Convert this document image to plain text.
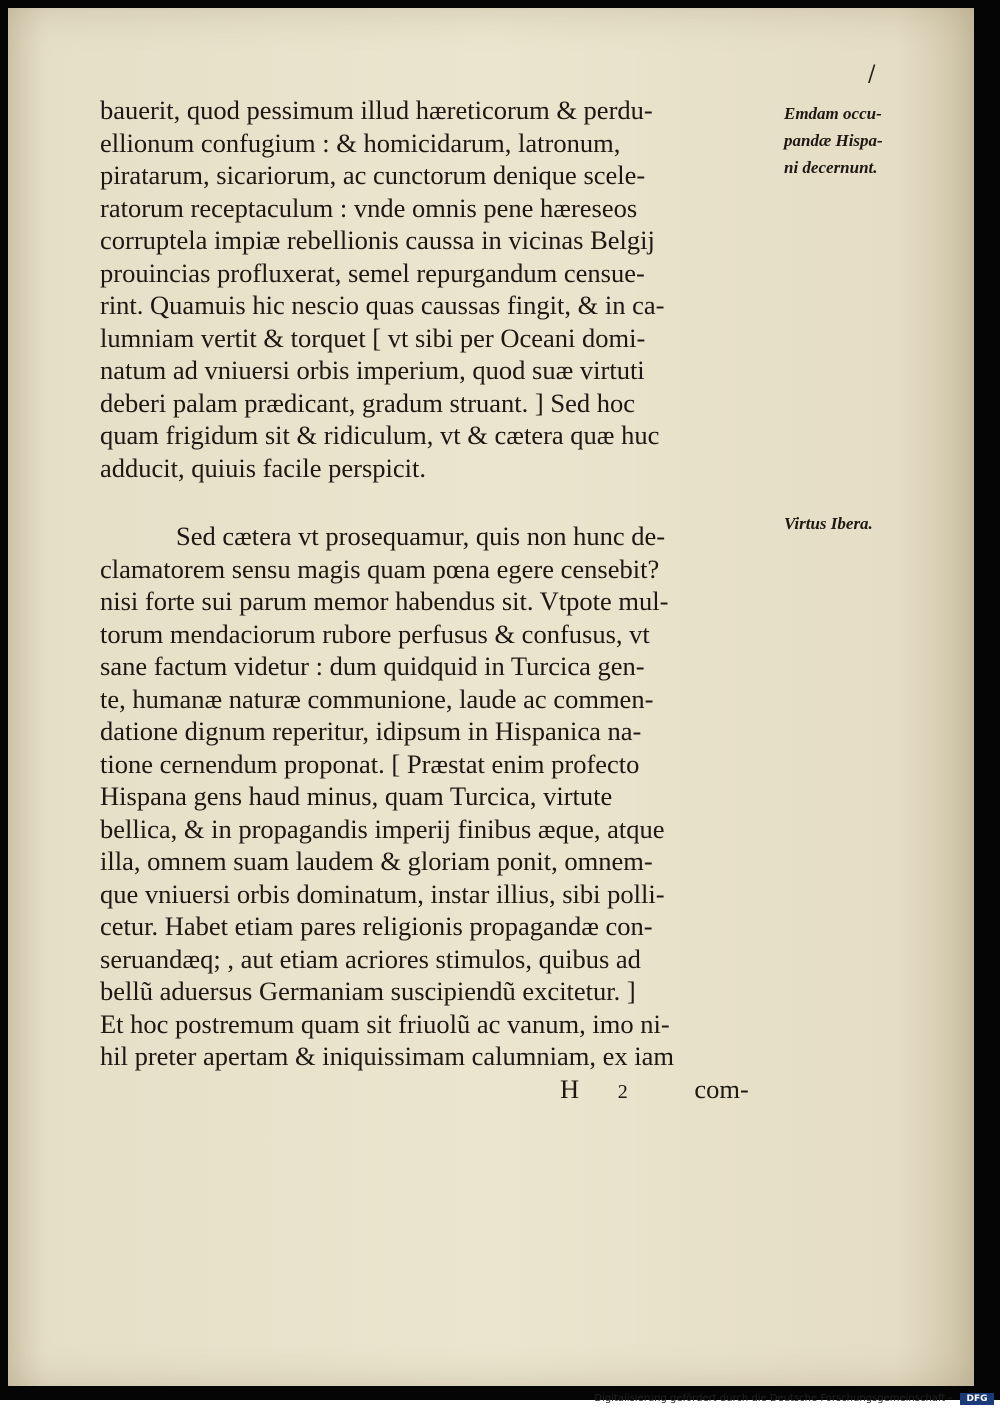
/
bauerit, quod pessimum illud hæreticorum & perdu-
ellionum confugium : & homicidarum, latronum,
piratarum, sicariorum, ac cunctorum denique scele-
ratorum receptaculum : vnde omnis pene hæreseos
corruptela impiæ rebellionis caussa in vicinas Belgij
prouincias profluxerat, semel repurgandum censue-
rint. Quamuis hic nescio quas caussas fingit, & in ca-
lumniam vertit & torquet [ vt sibi per Oceani domi-
natum ad vniuersi orbis imperium, quod suæ virtuti
deberi palam prædicant, gradum struant. ] Sed hoc
quam frigidum sit & ridiculum, vt & cætera quæ huc
adducit, quiuis facile perspicit.
Sed cætera vt prosequamur, quis non hunc de-
clamatorem sensu magis quam pœna egere censebit?
nisi forte sui parum memor habendus sit. Vtpote mul-
torum mendaciorum rubore perfusus & confusus, vt
sane factum videtur : dum quidquid in Turcica gen-
te, humanæ naturæ communione, laude ac commen-
datione dignum reperitur, idipsum in Hispanica na-
tione cernendum proponat. [ Præstat enim profecto
Hispana gens haud minus, quam Turcica, virtute
bellica, & in propagandis imperij finibus æque, atque
illa, omnem suam laudem & gloriam ponit, omnem-
que vniuersi orbis dominatum, instar illius, sibi polli-
cetur. Habet etiam pares religionis propagandæ con-
seruandæq; , aut etiam acriores stimulos, quibus ad
bellũ aduersus Germaniam suscipiendũ excitetur. ]
Et hoc postremum quam sit friuolũ ac vanum, imo ni-
hil preter apertam & iniquissimam calumniam, ex iam
H 2	com-
Emdam occu-
pandæ Hispa-
ni decernunt.
Virtus Ibera.
Digitalisierung gefördert durch die Deutsche Forschungsgemeinschaft -	DFG
